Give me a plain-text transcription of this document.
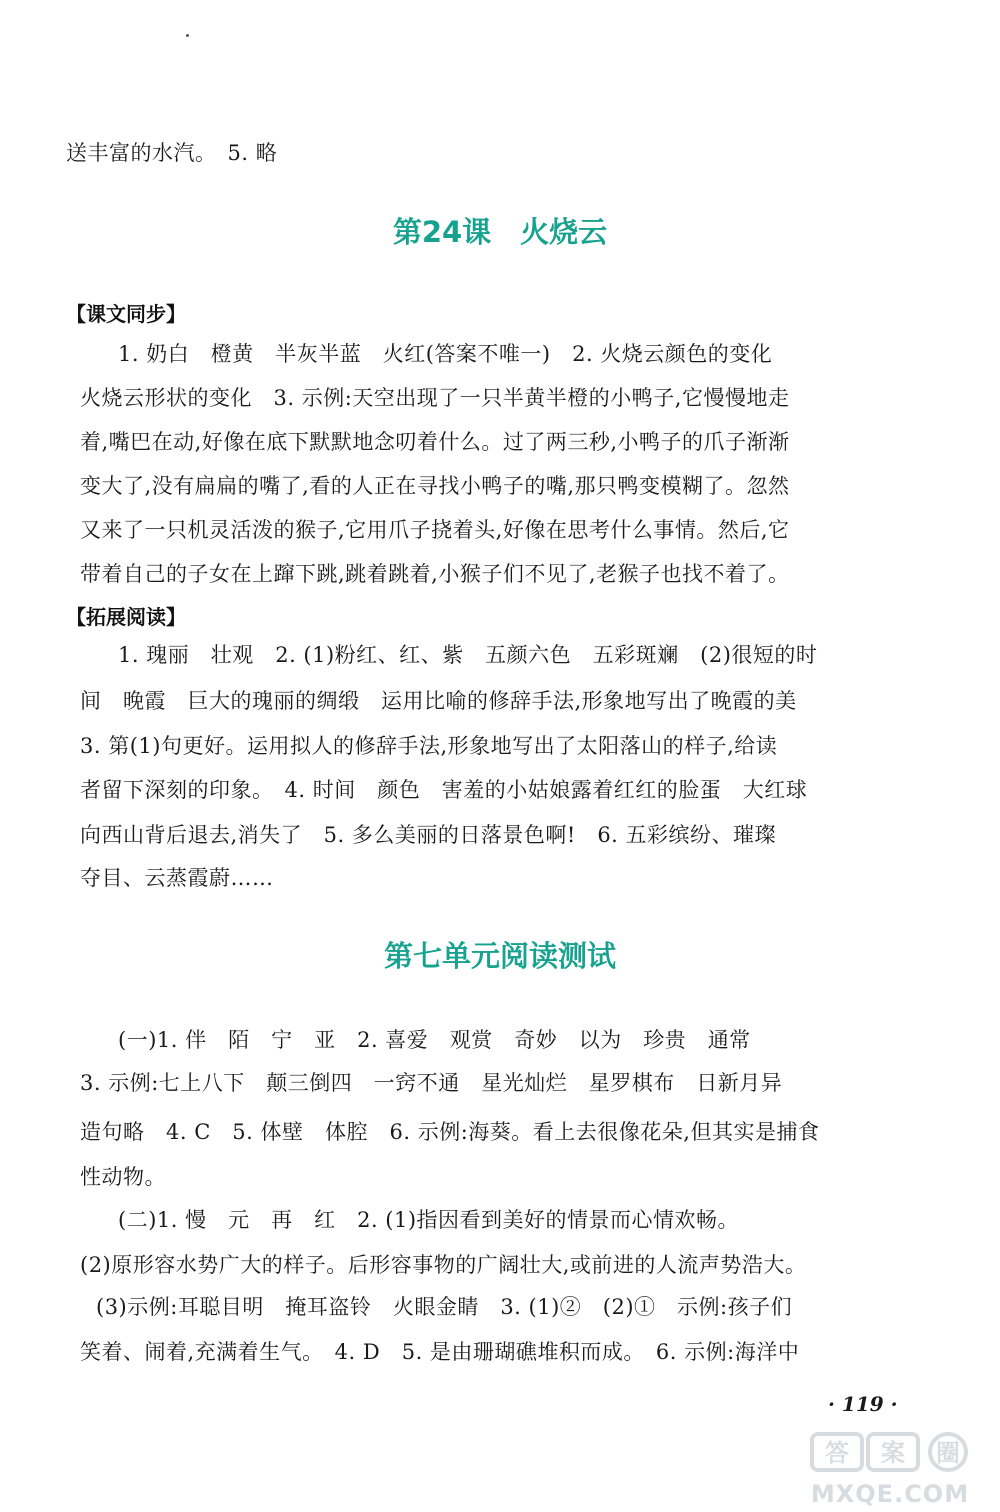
送丰富的水汽。　5. 略
第24课　火烧云
【课文同步】
1. 奶白　橙黄　半灰半蓝　火红(答案不唯一)　2. 火烧云颜色的变化
火烧云形状的变化　3. 示例:天空出现了一只半黄半橙的小鸭子,它慢慢地走
着,嘴巴在动,好像在底下默默地念叨着什么。过了两三秒,小鸭子的爪子渐渐
变大了,没有扁扁的嘴了,看的人正在寻找小鸭子的嘴,那只鸭变模糊了。忽然
又来了一只机灵活泼的猴子,它用爪子挠着头,好像在思考什么事情。然后,它
带着自己的子女在上蹿下跳,跳着跳着,小猴子们不见了,老猴子也找不着了。
【拓展阅读】
1. 瑰丽　壮观　2. (1)粉红、红、紫　五颜六色　五彩斑斓　(2)很短的时
间　晚霞　巨大的瑰丽的绸缎　运用比喻的修辞手法,形象地写出了晚霞的美
3. 第(1)句更好。运用拟人的修辞手法,形象地写出了太阳落山的样子,给读
者留下深刻的印象。　4. 时间　颜色　害羞的小姑娘露着红红的脸蛋　大红球
向西山背后退去,消失了　5. 多么美丽的日落景色啊!　6. 五彩缤纷、璀璨
夺目、云蒸霞蔚……
第七单元阅读测试
(一)1. 伴　陌　宁　亚　2. 喜爱　观赏　奇妙　以为　珍贵　通常
3. 示例:七上八下　颠三倒四　一窍不通　星光灿烂　星罗棋布　日新月异
造句略　4. C　5. 体壁　体腔　6. 示例:海葵。看上去很像花朵,但其实是捕食
性动物。
(二)1. 慢　元　再　红　2. (1)指因看到美好的情景而心情欢畅。
(2)原形容水势广大的样子。后形容事物的广阔壮大,或前进的人流声势浩大。
(3)示例:耳聪目明　掩耳盗铃　火眼金睛　3. (1)②　(2)①　示例:孩子们
笑着、闹着,充满着生气。　4. D　5. 是由珊瑚礁堆积而成。　6. 示例:海洋中
· 119 ·
答 案 圈
MXQE.COM
